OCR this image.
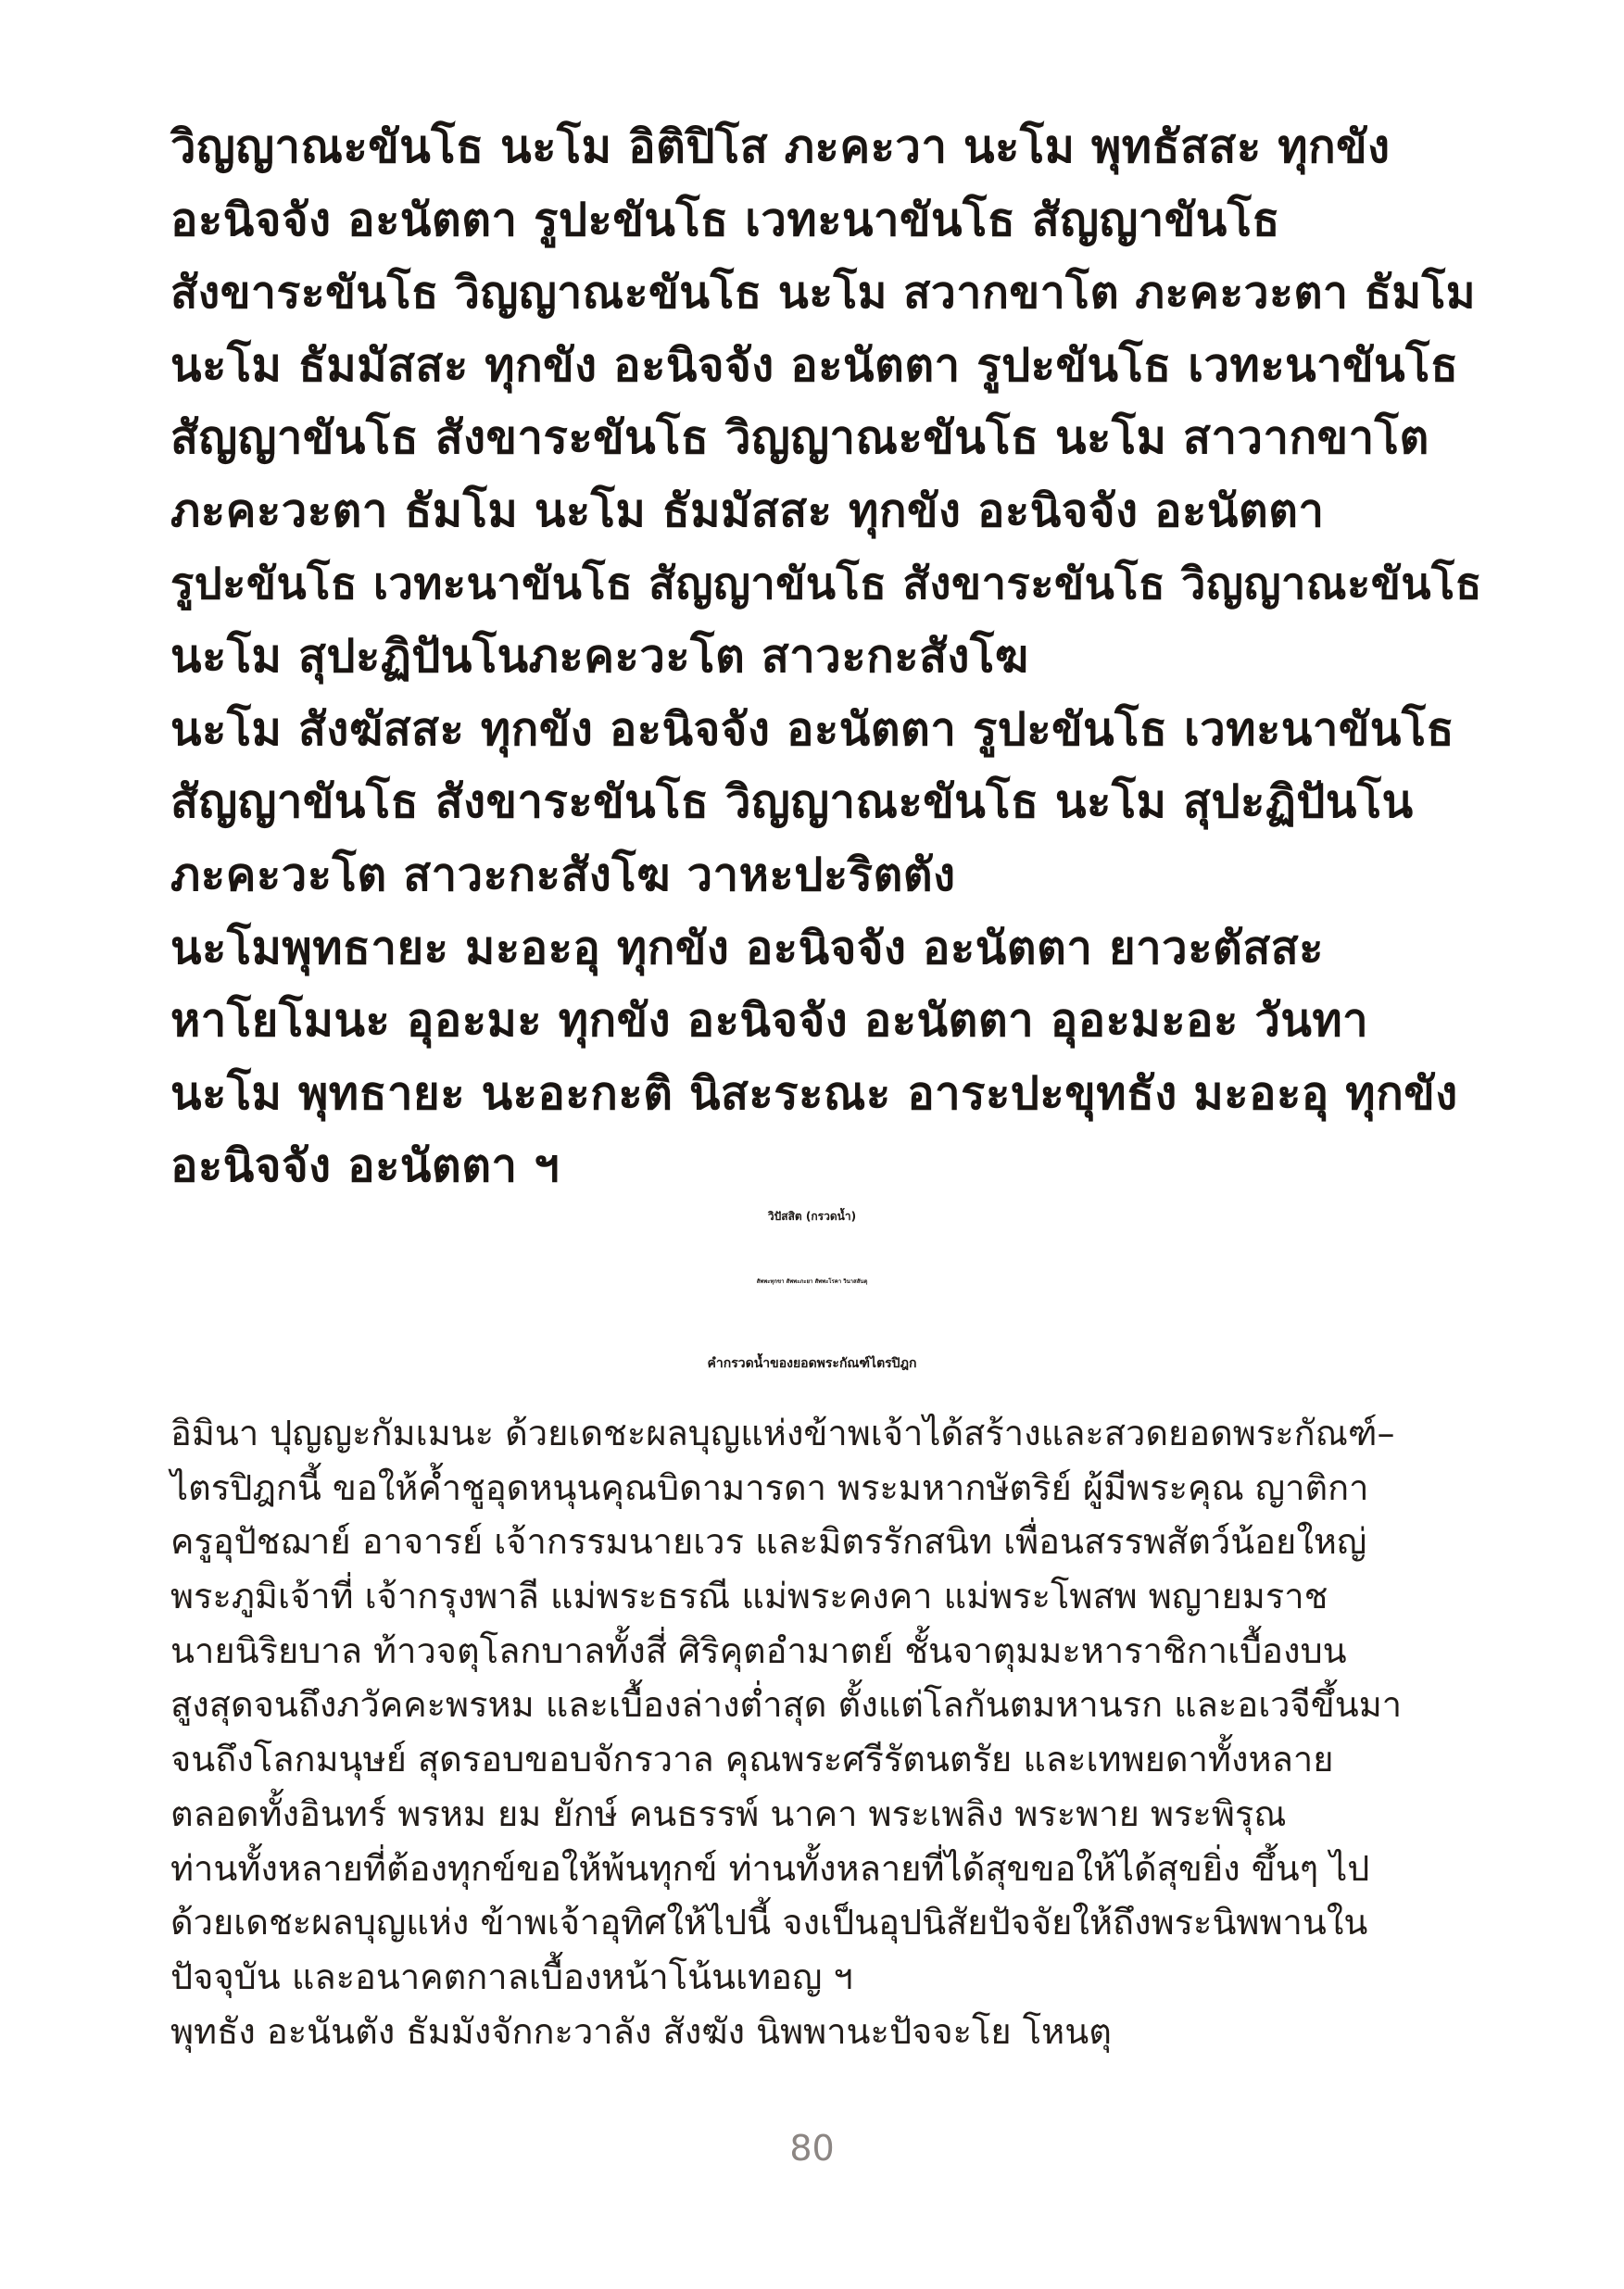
วิญญาณะขันโธ นะโม อิติปิโส ภะคะวา นะโม พุทธัสสะ ทุกขัง
อะนิจจัง อะนัตตา รูปะขันโธ เวทะนาขันโธ สัญญาขันโธ
สังขาระขันโธ วิญญาณะขันโธ นะโม สวากขาโต ภะคะวะตา ธัมโม
นะโม ธัมมัสสะ ทุกขัง อะนิจจัง อะนัตตา รูปะขันโธ เวทะนาขันโธ
สัญญาขันโธ สังขาระขันโธ วิญญาณะขันโธ นะโม สาวากขาโต
ภะคะวะตา ธัมโม นะโม ธัมมัสสะ ทุกขัง อะนิจจัง อะนัตตา
รูปะขันโธ เวทะนาขันโธ สัญญาขันโธ สังขาระขันโธ วิญญาณะขันโธ
นะโม สุปะฏิปันโนภะคะวะโต สาวะกะสังโฆ
นะโม สังฆัสสะ ทุกขัง อะนิจจัง อะนัตตา รูปะขันโธ เวทะนาขันโธ
สัญญาขันโธ สังขาระขันโธ วิญญาณะขันโธ นะโม สุปะฏิปันโน
ภะคะวะโต สาวะกะสังโฆ วาหะปะริตตัง
นะโมพุทธายะ มะอะอุ ทุกขัง อะนิจจัง อะนัตตา ยาวะตัสสะ
หาโยโมนะ อุอะมะ ทุกขัง อะนิจจัง อะนัตตา อุอะมะอะ วันทา
นะโม พุทธายะ นะอะกะติ นิสะระณะ อาระปะขุทธัง มะอะอุ ทุกขัง
อะนิจจัง อะนัตตา ฯ
วิปัสสิต (กรวดน้ำ)
สัพพะทุกขา สัพพะภะยา สัพพะโรคา วินาสสันตุ
คำกรวดน้ำของยอดพระกัณฑ์ไตรปิฎก
อิมินา ปุญญะกัมเมนะ ด้วยเดชะผลบุญแห่งข้าพเจ้าได้สร้างและสวดยอดพระกัณฑ์–
ไตรปิฎกนี้ ขอให้ค้ำชูอุดหนุนคุณบิดามารดา พระมหากษัตริย์ ผู้มีพระคุณ ญาติกา
ครูอุปัชฌาย์ อาจารย์ เจ้ากรรมนายเวร และมิตรรักสนิท เพื่อนสรรพสัตว์น้อยใหญ่
พระภูมิเจ้าที่ เจ้ากรุงพาลี แม่พระธรณี แม่พระคงคา แม่พระโพสพ พญายมราช
นายนิริยบาล ท้าวจตุโลกบาลทั้งสี่ ศิริคุตอำมาตย์ ชั้นจาตุมมะหาราชิกาเบื้องบน
สูงสุดจนถึงภวัคคะพรหม และเบื้องล่างต่ำสุด ตั้งแต่โลกันตมหานรก และอเวจีขึ้นมา
จนถึงโลกมนุษย์ สุดรอบขอบจักรวาล คุณพระศรีรัตนตรัย และเทพยดาทั้งหลาย
ตลอดทั้งอินทร์ พรหม ยม ยักษ์ คนธรรพ์ นาคา พระเพลิง พระพาย พระพิรุณ
ท่านทั้งหลายที่ต้องทุกข์ขอให้พ้นทุกข์ ท่านทั้งหลายที่ได้สุขขอให้ได้สุขยิ่ง ขึ้นๆ ไป
ด้วยเดชะผลบุญแห่ง ข้าพเจ้าอุทิศให้ไปนี้ จงเป็นอุปนิสัยปัจจัยให้ถึงพระนิพพานใน
ปัจจุบัน และอนาคตกาลเบื้องหน้าโน้นเทอญ ฯ
พุทธัง อะนันตัง ธัมมังจักกะวาลัง สังฆัง นิพพานะปัจจะโย โหนตุ
80
